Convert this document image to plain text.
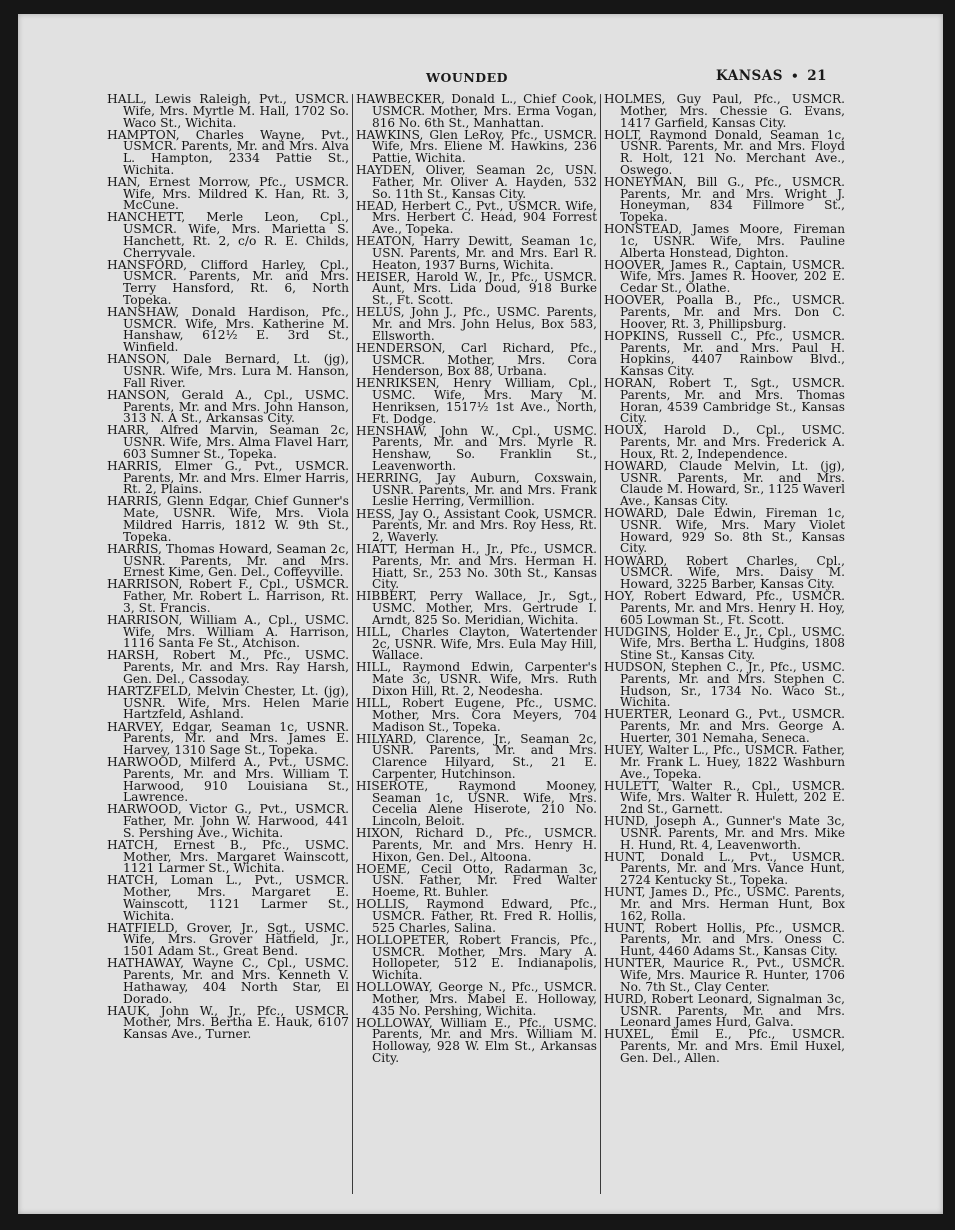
WOUNDED	KANSAS • 21

HALL, Lewis Raleigh, Pvt., USMCR. Wife, Mrs. Myrtle M. Hall, 1702 So. Waco St., Wichita.

HAMPTON, Charles Wayne, Pvt., USMCR. Parents, Mr. and Mrs. Alva L. Hampton, 2334 Pattie St., Wichita.

HAN, Ernest Morrow, Pfc., USMCR. Wife, Mrs. Mildred K. Han, Rt. 3, McCune.

HANCHETT, Merle Leon, Cpl., USMCR. Wife, Mrs. Marietta S. Hanchett, Rt. 2, c/o R. E. Childs, Cherryvale.

HANSFORD, Clifford Harley, Cpl., USMCR. Parents, Mr. and Mrs. Terry Hansford, Rt. 6, North Topeka.

HANSHAW, Donald Hardison, Pfc., USMCR. Wife, Mrs. Katherine M. Hanshaw, 612½ E. 3rd St., Winfield.

HANSON, Dale Bernard, Lt. (jg), USNR. Wife, Mrs. Lura M. Hanson, Fall River.

HANSON, Gerald A., Cpl., USMC. Parents, Mr. and Mrs. John Hanson, 313 N. A St., Arkansas City.

HARR, Alfred Marvin, Seaman 2c, USNR. Wife, Mrs. Alma Flavel Harr, 603 Sumner St., Topeka.

HARRIS, Elmer G., Pvt., USMCR. Parents, Mr. and Mrs. Elmer Harris, Rt. 2, Plains.

HARRIS, Glenn Edgar, Chief Gunner's Mate, USNR. Wife, Mrs. Viola Mildred Harris, 1812 W. 9th St., Topeka.

HARRIS, Thomas Howard, Seaman 2c, USNR. Parents, Mr. and Mrs. Ernest Kime, Gen. Del., Coffeyville.

HARRISON, Robert F., Cpl., USMCR. Father, Mr. Robert L. Harrison, Rt. 3, St. Francis.

HARRISON, William A., Cpl., USMC. Wife, Mrs. William A. Harrison, 1116 Santa Fe St., Atchison.

HARSH, Robert M., Pfc., USMC. Parents, Mr. and Mrs. Ray Harsh, Gen. Del., Cassoday.

HARTZFELD, Melvin Chester, Lt. (jg), USNR. Wife, Mrs. Helen Marie Hartzfeld, Ashland.

HARVEY, Edgar, Seaman 1c, USNR. Parents, Mr. and Mrs. James E. Harvey, 1310 Sage St., Topeka.

HARWOOD, Milferd A., Pvt., USMC. Parents, Mr. and Mrs. William T. Harwood, 910 Louisiana St., Lawrence.

HARWOOD, Victor G., Pvt., USMCR. Father, Mr. John W. Harwood, 441 S. Pershing Ave., Wichita.

HATCH, Ernest B., Pfc., USMC. Mother, Mrs. Margaret Wainscott, 1121 Larmer St., Wichita.

HATCH, Loman L., Pvt., USMCR. Mother, Mrs. Margaret E. Wainscott, 1121 Larmer St., Wichita.

HATFIELD, Grover, Jr., Sgt., USMC. Wife, Mrs. Grover Hatfield, Jr., 1501 Adam St., Great Bend.

HATHAWAY, Wayne C., Cpl., USMC. Parents, Mr. and Mrs. Kenneth V. Hathaway, 404 North Star, El Dorado.

HAUK, John W., Jr., Pfc., USMCR. Mother, Mrs. Bertha E. Hauk, 6107 Kansas Ave., Turner.

HAWBECKER, Donald L., Chief Cook, USMCR. Mother, Mrs. Erma Vogan, 816 No. 6th St., Manhattan.

HAWKINS, Glen LeRoy, Pfc., USMCR. Wife, Mrs. Eliene M. Hawkins, 236 Pattie, Wichita.

HAYDEN, Oliver, Seaman 2c, USN. Father, Mr. Oliver A. Hayden, 532 So. 11th St., Kansas City.

HEAD, Herbert C., Pvt., USMCR. Wife, Mrs. Herbert C. Head, 904 Forrest Ave., Topeka.

HEATON, Harry Dewitt, Seaman 1c, USN. Parents, Mr. and Mrs. Earl R. Heaton, 1937 Burns, Wichita.

HEISER, Harold W., Jr., Pfc., USMCR. Aunt, Mrs. Lida Doud, 918 Burke St., Ft. Scott.

HELUS, John J., Pfc., USMC. Parents, Mr. and Mrs. John Helus, Box 583, Ellsworth.

HENDERSON, Carl Richard, Pfc., USMCR. Mother, Mrs. Cora Henderson, Box 88, Urbana.

HENRIKSEN, Henry William, Cpl., USMC. Wife, Mrs. Mary M. Henriksen, 1517½ 1st Ave., North, Ft. Dodge.

HENSHAW, John W., Cpl., USMC. Parents, Mr. and Mrs. Myrle R. Henshaw, So. Franklin St., Leavenworth.

HERRING, Jay Auburn, Coxswain, USNR. Parents, Mr. and Mrs. Frank Leslie Herring, Vermillion.

HESS, Jay O., Assistant Cook, USMCR. Parents, Mr. and Mrs. Roy Hess, Rt. 2, Waverly.

HIATT, Herman H., Jr., Pfc., USMCR. Parents, Mr. and Mrs. Herman H. Hiatt, Sr., 253 No. 30th St., Kansas City.

HIBBERT, Perry Wallace, Jr., Sgt., USMC. Mother, Mrs. Gertrude I. Arndt, 825 So. Meridian, Wichita.

HILL, Charles Clayton, Watertender 2c, USNR. Wife, Mrs. Eula May Hill, Wallace.

HILL, Raymond Edwin, Carpenter's Mate 3c, USNR. Wife, Mrs. Ruth Dixon Hill, Rt. 2, Neodesha.

HILL, Robert Eugene, Pfc., USMC. Mother, Mrs. Cora Meyers, 704 Madison St., Topeka.

HILYARD, Clarence, Jr., Seaman 2c, USNR. Parents, Mr. and Mrs. Clarence Hilyard, St., 21 E. Carpenter, Hutchinson.

HISEROTE, Raymond Mooney, Seaman 1c, USNR. Wife, Mrs. Cecelia Alene Hiserote, 210 No. Lincoln, Beloit.

HIXON, Richard D., Pfc., USMCR. Parents, Mr. and Mrs. Henry H. Hixon, Gen. Del., Altoona.

HOEME, Cecil Otto, Radarman 3c, USN. Father, Mr. Fred Walter Hoeme, Rt. Buhler.

HOLLIS, Raymond Edward, Pfc., USMCR. Father, Rt. Fred R. Hollis, 525 Charles, Salina.

HOLLOPETER, Robert Francis, Pfc., USMCR. Mother, Mrs. Mary A. Hollopeter, 512 E. Indianapolis, Wichita.

HOLLOWAY, George N., Pfc., USMCR. Mother, Mrs. Mabel E. Holloway, 435 No. Pershing, Wichita.

HOLLOWAY, William E., Pfc., USMC. Parents, Mr. and Mrs. William M. Holloway, 928 W. Elm St., Arkansas City.

HOLMES, Guy Paul, Pfc., USMCR. Mother, Mrs. Chessie G. Evans, 1417 Garfield, Kansas City.

HOLT, Raymond Donald, Seaman 1c, USNR. Parents, Mr. and Mrs. Floyd R. Holt, 121 No. Merchant Ave., Oswego.

HONEYMAN, Bill G., Pfc., USMCR. Parents, Mr. and Mrs. Wright J. Honeyman, 834 Fillmore St., Topeka.

HONSTEAD, James Moore, Fireman 1c, USNR. Wife, Mrs. Pauline Alberta Honstead, Dighton.

HOOVER, James R., Captain, USMCR. Wife, Mrs. James R. Hoover, 202 E. Cedar St., Olathe.

HOOVER, Poalla B., Pfc., USMCR. Parents, Mr. and Mrs. Don C. Hoover, Rt. 3, Phillipsburg.

HOPKINS, Russell C., Pfc., USMCR. Parents, Mr. and Mrs. Paul H. Hopkins, 4407 Rainbow Blvd., Kansas City.

HORAN, Robert T., Sgt., USMCR. Parents, Mr. and Mrs. Thomas Horan, 4539 Cambridge St., Kansas City.

HOUX, Harold D., Cpl., USMC. Parents, Mr. and Mrs. Frederick A. Houx, Rt. 2, Independence.

HOWARD, Claude Melvin, Lt. (jg), USNR. Parents, Mr. and Mrs. Claude M. Howard, Sr., 1125 Waverl Ave., Kansas City.

HOWARD, Dale Edwin, Fireman 1c, USNR. Wife, Mrs. Mary Violet Howard, 929 So. 8th St., Kansas City.

HOWARD, Robert Charles, Cpl., USMCR. Wife, Mrs. Daisy M. Howard, 3225 Barber, Kansas City.

HOY, Robert Edward, Pfc., USMCR. Parents, Mr. and Mrs. Henry H. Hoy, 605 Lowman St., Ft. Scott.

HUDGINS, Holder E., Jr., Cpl., USMC. Wife, Mrs. Bertha L. Hudgins, 1808 Stine St., Kansas City.

HUDSON, Stephen C., Jr., Pfc., USMC. Parents, Mr. and Mrs. Stephen C. Hudson, Sr., 1734 No. Waco St., Wichita.

HUERTER, Leonard G., Pvt., USMCR. Parents, Mr. and Mrs. George A. Huerter, 301 Nemaha, Seneca.

HUEY, Walter L., Pfc., USMCR. Father, Mr. Frank L. Huey, 1822 Washburn Ave., Topeka.

HULETT, Walter R., Cpl., USMCR. Wife, Mrs. Walter R. Hulett, 202 E. 2nd St., Garnett.

HUND, Joseph A., Gunner's Mate 3c, USNR. Parents, Mr. and Mrs. Mike H. Hund, Rt. 4, Leavenworth.

HUNT, Donald L., Pvt., USMCR. Parents, Mr. and Mrs. Vance Hunt, 2724 Kentucky St., Topeka.

HUNT, James D., Pfc., USMC. Parents, Mr. and Mrs. Herman Hunt, Box 162, Rolla.

HUNT, Robert Hollis, Pfc., USMCR. Parents, Mr. and Mrs. Oness C. Hunt, 4460 Adams St., Kansas City.

HUNTER, Maurice R., Pvt., USMCR. Wife, Mrs. Maurice R. Hunter, 1706 No. 7th St., Clay Center.

HURD, Robert Leonard, Signalman 3c, USNR. Parents, Mr. and Mrs. Leonard James Hurd, Galva.

HUXEL, Emil E., Pfc., USMCR. Parents, Mr. and Mrs. Emil Huxel, Gen. Del., Allen.
